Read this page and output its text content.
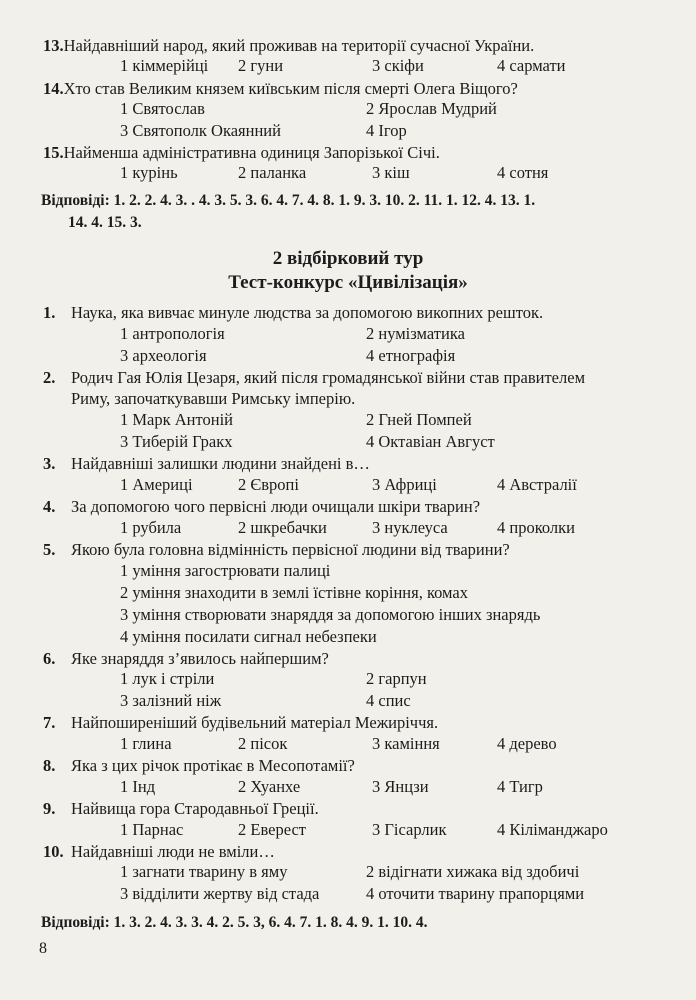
13.Найдавніший народ, який проживав на території сучасної України.
1 кіммерійці 2 гуни	3 скіфи	4 сармати
14.Хто став Великим князем київським після смерті Олега Віщого?
1 Святослав	2 Ярослав Мудрий
3 Святополк Окаянний	4 Ігор
15.Найменша адміністративна одиниця Запорізької Січі.
1 курінь	2 паланка	3 кіш	4 сотня
Відповіді: 1. 2. 2. 4. 3. . 4. 3. 5. 3. 6. 4. 7. 4. 8. 1. 9. 3. 10. 2. 11. 1. 12. 4. 13. 1.
14. 4. 15. 3.
2 відбірковий тур
Тест-конкурс «Цивілізація»
1. Наука, яка вивчає минуле людства за допомогою викопних решток.
1 антропологія	2 нумізматика
3 археологія	4 етнографія
2. Родич Гая Юлія Цезаря, який після громадянської війни став правителем
Риму, започаткувавши Римську імперію.
1 Марк Антоній	2 Гней Помпей
3 Тиберій Гракх	4 Октавіан Август
3. Найдавніші залишки людини знайдені в…
1 Америці	2 Європі	3 Африці	4 Австралії
4. За допомогою чого первісні люди очищали шкіри тварин?
1 рубила	2 шкребачки	3 нуклеуса	4 проколки
5. Якою була головна відмінність первісної людини від тварини?
1 уміння загострювати палиці
2 уміння знаходити в землі їстівне коріння, комах
3 уміння створювати знаряддя за допомогою інших знарядь
4 уміння посилати сигнал небезпеки
6. Яке знаряддя з’явилось найпершим?
1 лук і стріли	2 гарпун
3 залізний ніж	4 спис
7. Найпоширеніший будівельний матеріал Межиріччя.
1 глина	2 пісок	3 каміння	4 дерево
8. Яка з цих річок протікає в Месопотамії?
1 Інд	2 Хуанхе	3 Янцзи	4 Тигр
9. Найвища гора Стародавньої Греції.
1 Парнас	2 Еверест	3 Гісарлик	4 Кіліманджаро
10. Найдавніші люди не вміли…
1 загнати тварину в яму	2 відігнати хижака від здобичі
3 відділити жертву від стада	4 оточити тварину прапорцями
Відповіді: 1. 3. 2. 4. 3. 3. 4. 2. 5. 3, 6. 4. 7. 1. 8. 4. 9. 1. 10. 4.
8
